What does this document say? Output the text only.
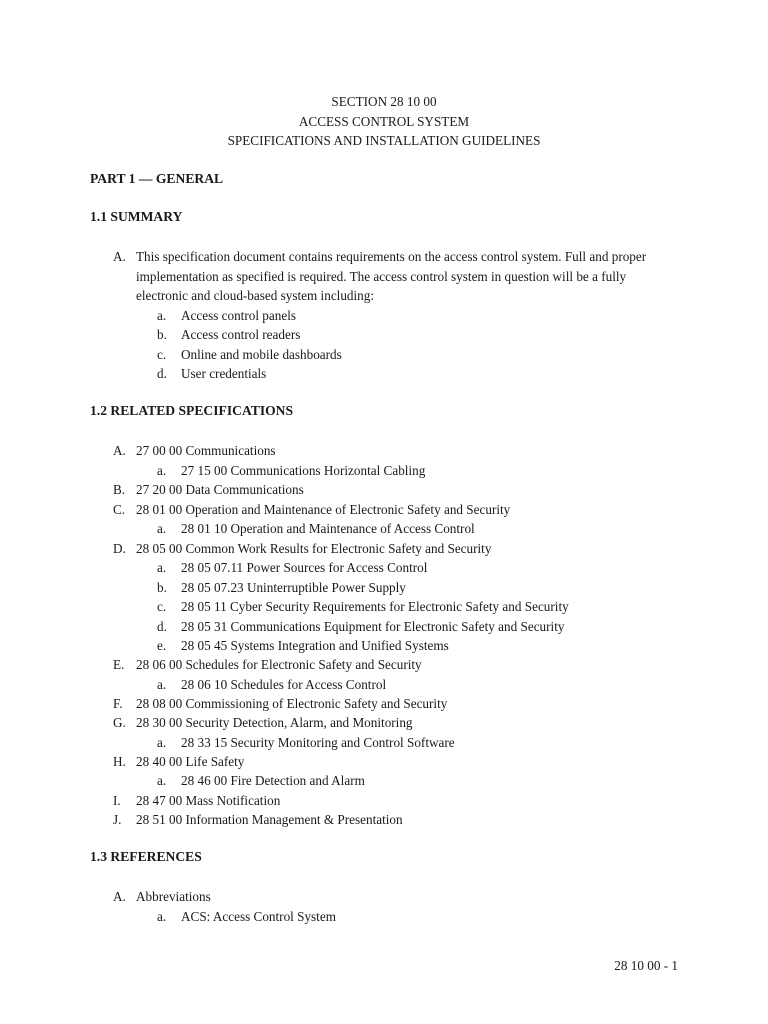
SECTION 28 10 00
ACCESS CONTROL SYSTEM
SPECIFICATIONS AND INSTALLATION GUIDELINES
PART 1 — GENERAL
1.1 SUMMARY
A. This specification document contains requirements on the access control system. Full and proper
implementation as specified is required. The access control system in question will be a fully
electronic and cloud-based system including:
a. Access control panels
b. Access control readers
c. Online and mobile dashboards
d. User credentials
1.2 RELATED SPECIFICATIONS
A. 27 00 00 Communications
a. 27 15 00 Communications Horizontal Cabling
B. 27 20 00 Data Communications
C. 28 01 00 Operation and Maintenance of Electronic Safety and Security
a. 28 01 10 Operation and Maintenance of Access Control
D. 28 05 00 Common Work Results for Electronic Safety and Security
a. 28 05 07.11 Power Sources for Access Control
b. 28 05 07.23 Uninterruptible Power Supply
c. 28 05 11 Cyber Security Requirements for Electronic Safety and Security
d. 28 05 31 Communications Equipment for Electronic Safety and Security
e. 28 05 45 Systems Integration and Unified Systems
E. 28 06 00 Schedules for Electronic Safety and Security
a. 28 06 10 Schedules for Access Control
F. 28 08 00 Commissioning of Electronic Safety and Security
G. 28 30 00 Security Detection, Alarm, and Monitoring
a. 28 33 15 Security Monitoring and Control Software
H. 28 40 00 Life Safety
a. 28 46 00 Fire Detection and Alarm
I. 28 47 00 Mass Notification
J. 28 51 00 Information Management & Presentation
1.3 REFERENCES
A. Abbreviations
a. ACS: Access Control System
28 10 00 - 1
